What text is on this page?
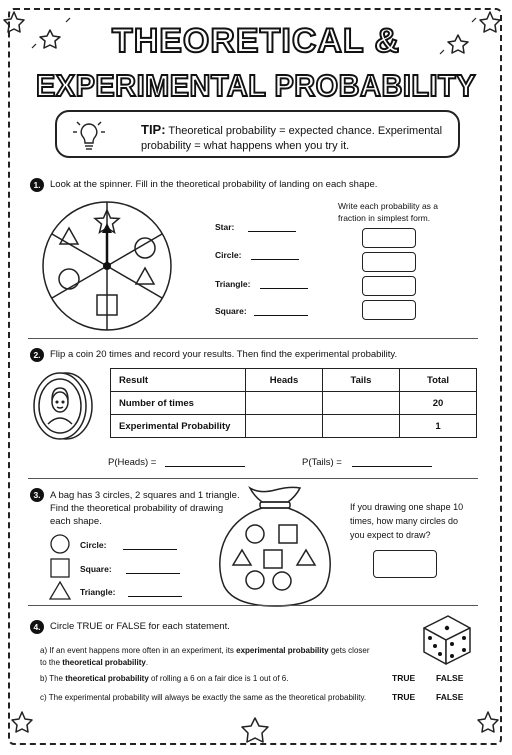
THEORETICAL &
EXPERIMENTAL PROBABILITY
TIP: Theoretical probability = expected chance. Experimental probability = what happens when you try it.
1. Look at the spinner. Fill in the theoretical probability of landing on each shape.
Star:
Circle:
Triangle:
Square:
Write each probability as a fraction in simplest form.
2. Flip a coin 20 times and record your results. Then find the experimental probability.
Result	Heads	Tails	Total
Number of times			20
Experimental Probability			1
P(Heads) =	P(Tails) =
3. A bag has 3 circles, 2 squares and 1 triangle. Find the theoretical probability of drawing each shape.
Circle:
Square:
Triangle:
If you drawing one shape 10 times, how many circles do you expect to draw?
4. Circle TRUE or FALSE for each statement.
a) If an event happens more often in an experiment, its experimental probability gets closer to the theoretical probability.
b) The theoretical probability of rolling a 6 on a fair dice is 1 out of 6.	TRUE FALSE
c) The experimental probability will always be exactly the same as the theoretical probability.	TRUE FALSE
